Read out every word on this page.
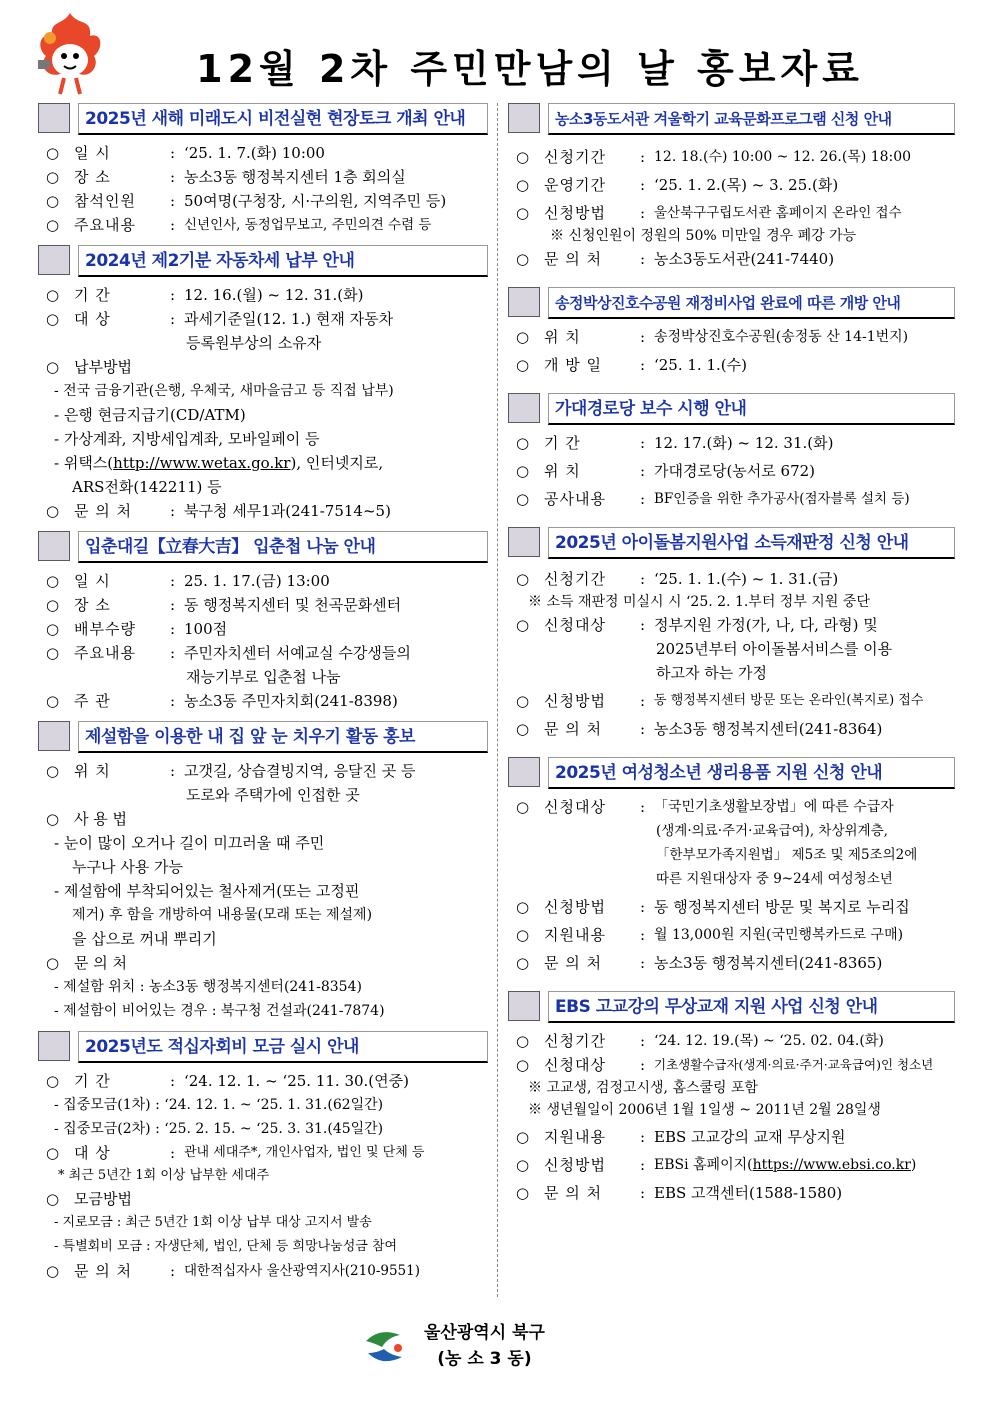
12월 2차 주민만남의 날 홍보자료
2025년 새해 미래도시 비전실현 현장토크 개최 안내
○ 일 시	: ‘25. 1. 7.(화) 10:00
○ 장 소	: 농소3동 행정복지센터 1층 회의실
○ 참석인원	: 50여명(구청장, 시·구의원, 지역주민 등)
○ 주요내용	: 신년인사, 동정업무보고, 주민의견 수렴 등
2024년 제2기분 자동차세 납부 안내
○ 기 간	: 12. 16.(월) ~ 12. 31.(화)
○ 대 상	: 과세기준일(12. 1.) 현재 자동차
등록원부상의 소유자
○ 납부방법
- 전국 금융기관(은행, 우체국, 새마을금고 등 직접 납부)
- 은행 현금지급기(CD/ATM)
- 가상계좌, 지방세입계좌, 모바일페이 등
- 위택스(http://www.wetax.go.kr), 인터넷지로,
ARS전화(142211) 등
○ 문 의 처	: 북구청 세무1과(241-7514~5)
입춘대길【立春大吉】 입춘첩 나눔 안내
○ 일 시	: 25. 1. 17.(금) 13:00
○ 장 소	: 동 행정복지센터 및 천곡문화센터
○ 배부수량	: 100점
○ 주요내용	: 주민자치센터 서예교실 수강생들의
재능기부로 입춘첩 나눔
○ 주 관	: 농소3동 주민자치회(241-8398)
제설함을 이용한 내 집 앞 눈 치우기 활동 홍보
○ 위 치	: 고갯길, 상습결빙지역, 응달진 곳 등
도로와 주택가에 인접한 곳
○ 사 용 법
- 눈이 많이 오거나 길이 미끄러울 때 주민
누구나 사용 가능
- 제설함에 부착되어있는 철사제거(또는 고정핀
제거) 후 함을 개방하여 내용물(모래 또는 제설제)
을 삽으로 꺼내 뿌리기
○ 문 의 처
- 제설함 위치 : 농소3동 행정복지센터(241-8354)
- 제설함이 비어있는 경우 : 북구청 건설과(241-7874)
2025년도 적십자회비 모금 실시 안내
○ 기 간	: ‘24. 12. 1. ~ ‘25. 11. 30.(연중)
- 집중모금(1차) : ‘24. 12. 1. ~ ‘25. 1. 31.(62일간)
- 집중모금(2차) : ‘25. 2. 15. ~ ‘25. 3. 31.(45일간)
○ 대 상	: 관내 세대주*, 개인사업자, 법인 및 단체 등
* 최근 5년간 1회 이상 납부한 세대주
○ 모금방법
- 지로모금 : 최근 5년간 1회 이상 납부 대상 고지서 발송
- 특별회비 모금 : 자생단체, 법인, 단체 등 희망나눔성금 참여
○ 문 의 처	: 대한적십자사 울산광역지사(210-9551)
농소3동도서관 겨울학기 교육문화프로그램 신청 안내
○ 신청기간	: 12. 18.(수) 10:00 ~ 12. 26.(목) 18:00
○ 운영기간	: ‘25. 1. 2.(목) ~ 3. 25.(화)
○ 신청방법	: 울산북구구립도서관 홈페이지 온라인 접수
※ 신청인원이 정원의 50% 미만일 경우 폐강 가능
○ 문 의 처	: 농소3동도서관(241-7440)
송정박상진호수공원 재정비사업 완료에 따른 개방 안내
○ 위 치	: 송정박상진호수공원(송정동 산 14-1번지)
○ 개 방 일	: ‘25. 1. 1.(수)
가대경로당 보수 시행 안내
○ 기 간	: 12. 17.(화) ~ 12. 31.(화)
○ 위 치	: 가대경로당(농서로 672)
○ 공사내용	: BF인증을 위한 추가공사(점자블록 설치 등)
2025년 아이돌봄지원사업 소득재판정 신청 안내
○ 신청기간	: ‘25. 1. 1.(수) ~ 1. 31.(금)
※ 소득 재판정 미실시 시 ‘25. 2. 1.부터 정부 지원 중단
○ 신청대상	: 정부지원 가정(가, 나, 다, 라형) 및
2025년부터 아이돌봄서비스를 이용
하고자 하는 가정
○ 신청방법	: 동 행정복지센터 방문 또는 온라인(복지로) 접수
○ 문 의 처	: 농소3동 행정복지센터(241-8364)
2025년 여성청소년 생리용품 지원 신청 안내
○ 신청대상	: 「국민기초생활보장법」에 따른 수급자
(생계·의료·주거·교육급여), 차상위계층,
「한부모가족지원법」 제5조 및 제5조의2에
따른 지원대상자 중 9~24세 여성청소년
○ 신청방법	: 동 행정복지센터 방문 및 복지로 누리집
○ 지원내용	: 월 13,000원 지원(국민행복카드로 구매)
○ 문 의 처	: 농소3동 행정복지센터(241-8365)
EBS 고교강의 무상교재 지원 사업 신청 안내
○ 신청기간	: ‘24. 12. 19.(목) ~ ‘25. 02. 04.(화)
○ 신청대상	: 기초생활수급자(생계·의료·주거·교육급여)인 청소년
※ 고교생, 검정고시생, 홈스쿨링 포함
※ 생년월일이 2006년 1월 1일생 ~ 2011년 2월 28일생
○ 지원내용	: EBS 고교강의 교재 무상지원
○ 신청방법	: EBSi 홈페이지(https://www.ebsi.co.kr)
○ 문 의 처	: EBS 고객센터(1588-1580)
울산광역시 북구
(농 소 3 동)
